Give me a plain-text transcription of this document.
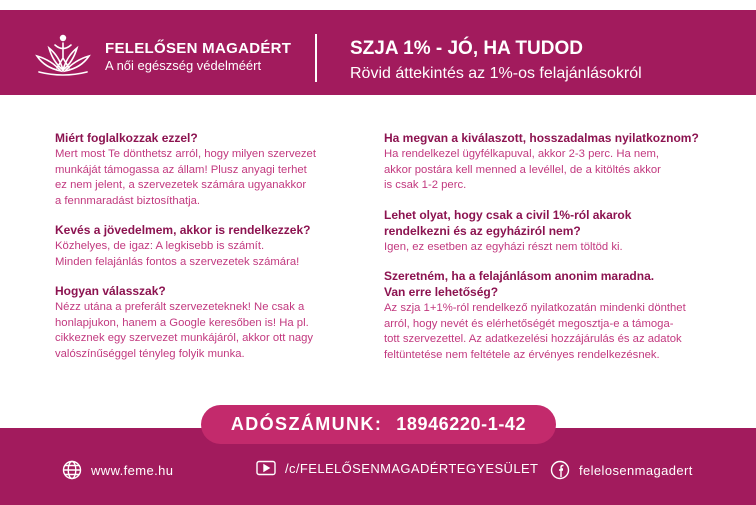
FELELŐSEN MAGADÉRT
A női egészség védelméért
SZJA 1% - JÓ, HA TUDOD
Rövid áttekintés az 1%-os felajánlásokról

Miért foglalkozzak ezzel?

Mert most Te dönthetsz arról, hogy milyen szervezet
munkáját támogassa az állam! Plusz anyagi terhet
ez nem jelent, a szervezetek számára ugyanakkor
a fennmaradást biztosíthatja.

Kevés a jövedelmem, akkor is rendelkezzek?

Közhelyes, de igaz: A legkisebb is számít.
Minden felajánlás fontos a szervezetek számára!

Hogyan válasszak?

Nézz utána a preferált szervezeteknek! Ne csak a
honlapjukon, hanem a Google keresőben is! Ha pl.
cikkeznek egy szervezet munkájáról, akkor ott nagy
valószínűséggel tényleg folyik munka.

Ha megvan a kiválaszott, hosszadalmas nyilatkoznom?

Ha rendelkezel ügyfélkapuval, akkor 2-3 perc. Ha nem,
akkor postára kell menned a levéllel, de a kitöltés akkor
is csak 1-2 perc.

Lehet olyat, hogy csak a civil 1%-ról akarok
rendelkezni és az egyháziról nem?

Igen, ez esetben az egyházi részt nem töltöd ki.

Szeretném, ha a felajánlásom anonim maradna.
Van erre lehetőség?

Az szja 1+1%-ról rendelkező nyilatkozatán mindenki dönthet
arról, hogy nevét és elérhetőségét megosztja-e a támoga-
tott szervezettel. Az adatkezelési hozzájárulás és az adatok
feltüntetése nem feltétele az érvényes rendelkezésnek.

ADÓSZÁMUNK: 18946220-1-42
www.feme.hu	/c/FELELŐSENMAGADÉRTEGYESÜLET	felelosenmagadert
